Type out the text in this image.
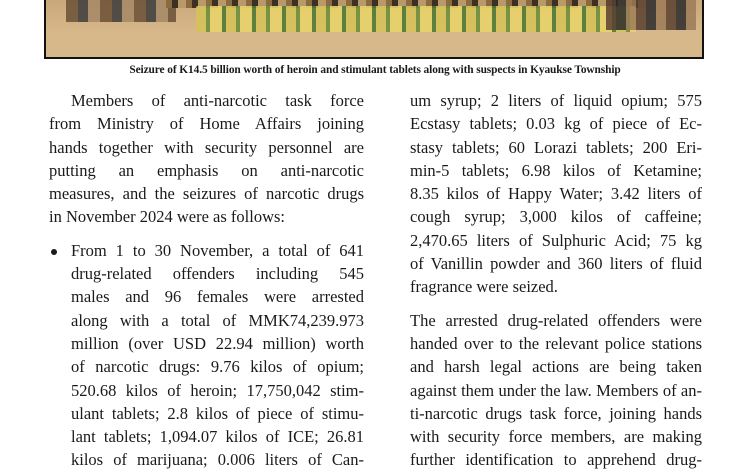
Seizure of K14.5 billion worth of heroin and stimulant tablets along with suspects in Kyaukse Township

Members of anti-narcotic task force
from Ministry of Home Affairs joining
hands together with security personnel are
putting an emphasis on anti-narcotic
measures, and the seizures of narcotic drugs
in November 2024 were as follows:

From 1 to 30 November, a total of 641
drug-related offenders including 545
males and 96 females were arrested
along with a total of MMK74,239.973
million (over USD 22.94 million) worth
of narcotic drugs: 9.76 kilos of opium;
520.68 kilos of heroin; 17,750,042 stim-
ulant tablets; 2.8 kilos of piece of stimu-
lant tablets; 1,094.07 kilos of ICE; 26.81
kilos of marijuana; 0.006 liters of Can-

um syrup; 2 liters of liquid opium; 575
Ecstasy tablets; 0.03 kg of piece of Ec-
stasy tablets; 60 Lorazi tablets; 200 Eri-
min-5 tablets; 6.98 kilos of Ketamine;
8.35 kilos of Happy Water; 3.42 liters of
cough syrup; 3,000 kilos of caffeine;
2,470.65 liters of Sulphuric Acid; 75 kg
of Vanillin powder and 360 liters of fluid
fragrance were seized.

The arrested drug-related offenders were
handed over to the relevant police stations
and harsh legal actions are being taken
against them under the law. Members of an-
ti-narcotic drugs task force, joining hands
with security force members, are making
further identification to apprehend drug-
